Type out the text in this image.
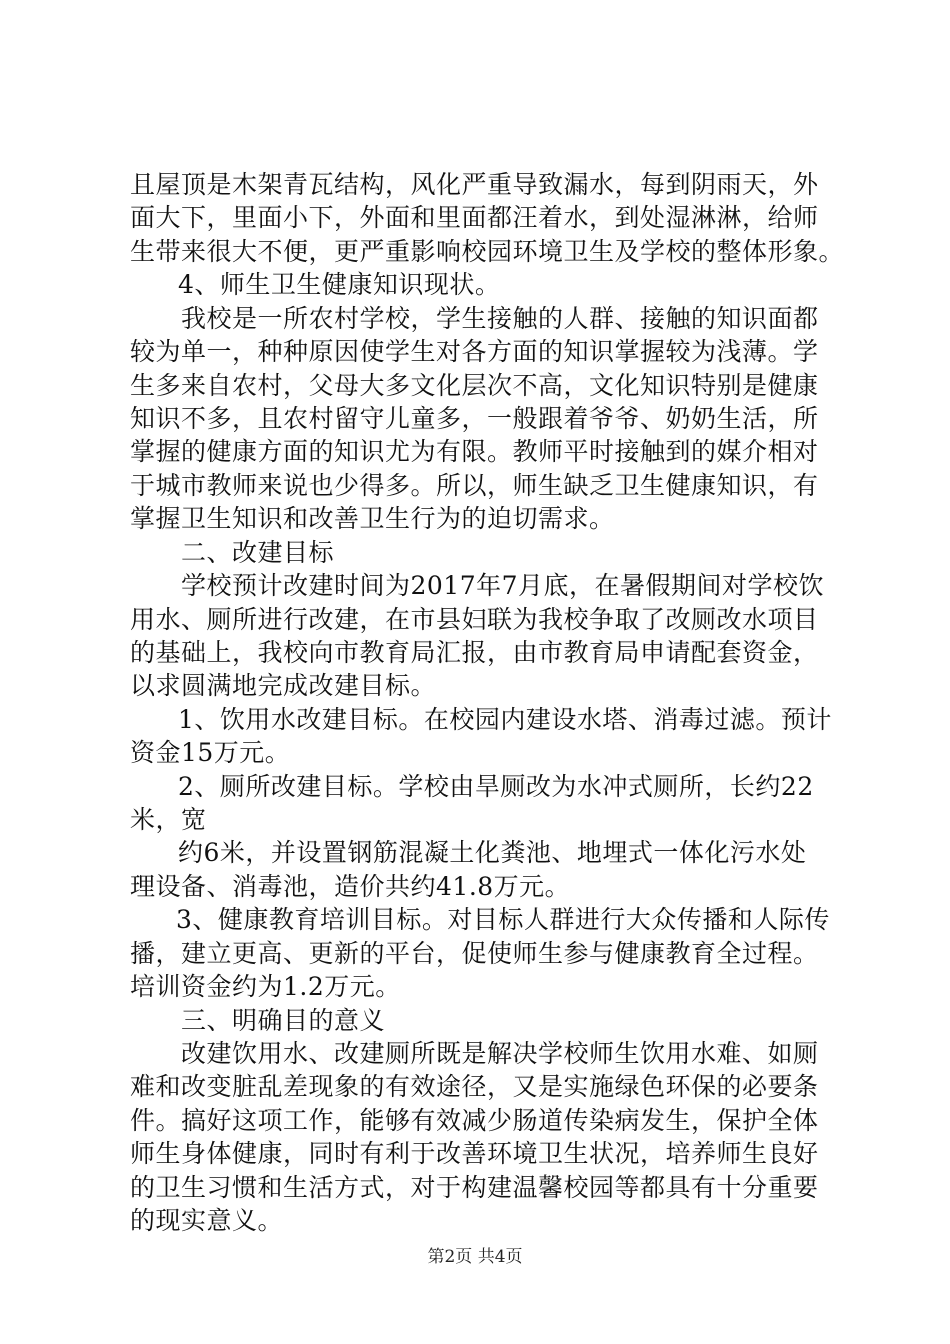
且屋顶是木架青瓦结构，风化严重导致漏水，每到阴雨天，外
面大下，里面小下，外面和里面都汪着水，到处湿淋淋，给师
生带来很大不便，更严重影响校园环境卫生及学校的整体形象。
4、师生卫生健康知识现状。
我校是一所农村学校，学生接触的人群、接触的知识面都
较为单一，种种原因使学生对各方面的知识掌握较为浅薄。学
生多来自农村，父母大多文化层次不高，文化知识特别是健康
知识不多，且农村留守儿童多，一般跟着爷爷、奶奶生活，所
掌握的健康方面的知识尤为有限。教师平时接触到的媒介相对
于城市教师来说也少得多。所以，师生缺乏卫生健康知识，有
掌握卫生知识和改善卫生行为的迫切需求。
二、改建目标
学校预计改建时间为2017年7月底，在暑假期间对学校饮
用水、厕所进行改建，在市县妇联为我校争取了改厕改水项目
的基础上，我校向市教育局汇报，由市教育局申请配套资金，
以求圆满地完成改建目标。
1、饮用水改建目标。在校园内建设水塔、消毒过滤。预计
资金15万元。
2、厕所改建目标。学校由旱厕改为水冲式厕所，长约22
米，宽
约6米，并设置钢筋混凝土化粪池、地埋式一体化污水处
理设备、消毒池，造价共约41.8万元。
3、健康教育培训目标。对目标人群进行大众传播和人际传
播，建立更高、更新的平台，促使师生参与健康教育全过程。
培训资金约为1.2万元。
三、明确目的意义
改建饮用水、改建厕所既是解决学校师生饮用水难、如厕
难和改变脏乱差现象的有效途径，又是实施绿色环保的必要条
件。搞好这项工作，能够有效减少肠道传染病发生，保护全体
师生身体健康，同时有利于改善环境卫生状况，培养师生良好
的卫生习惯和生活方式，对于构建温馨校园等都具有十分重要
的现实意义。
第2页 共4页
